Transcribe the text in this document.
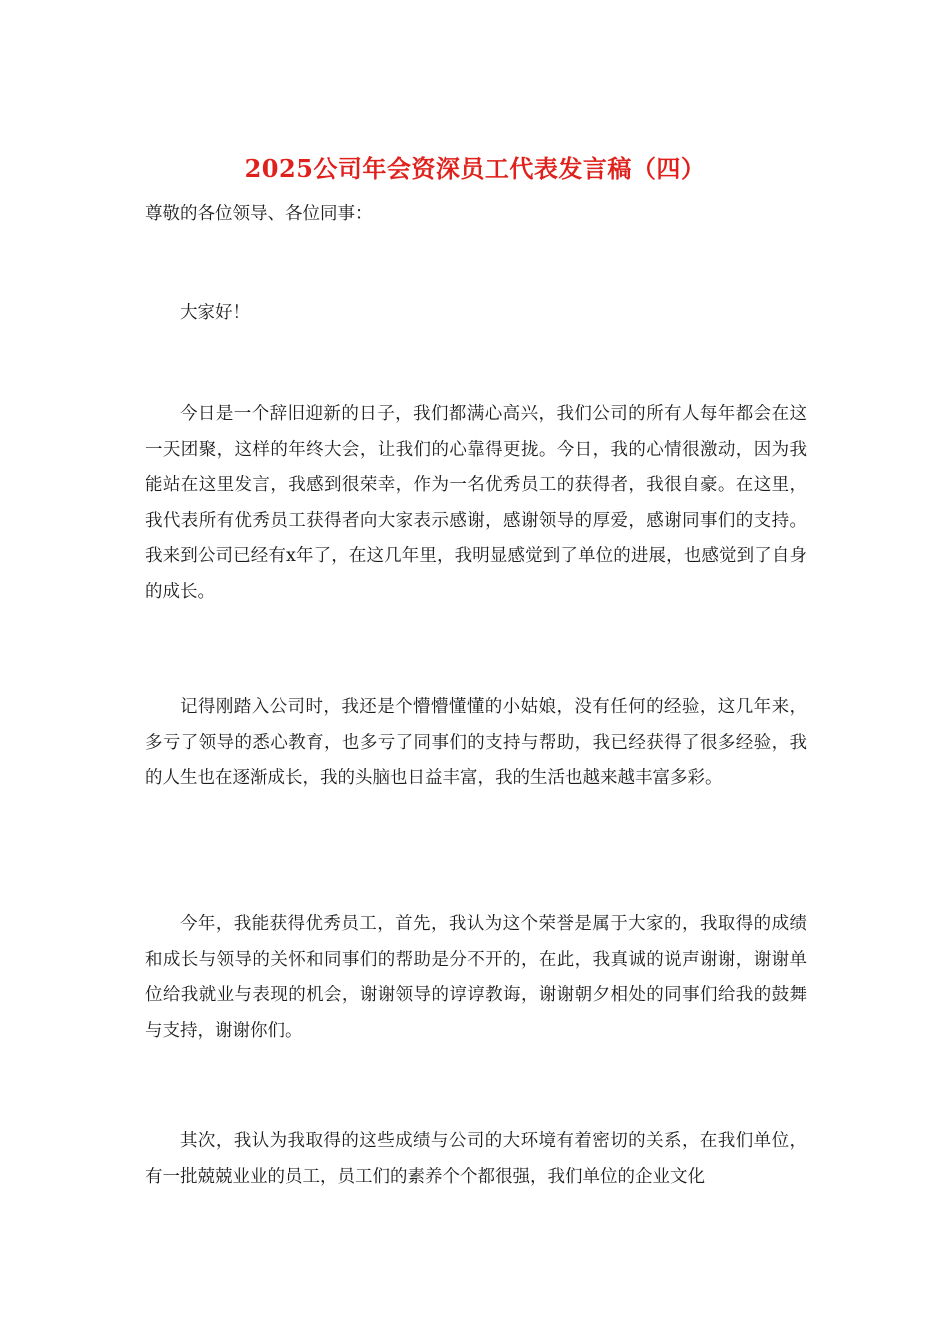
2025公司年会资深员工代表发言稿（四）
尊敬的各位领导、各位同事：

大家好！

今日是一个辞旧迎新的日子，我们都满心高兴，我们公司的所有人每年都会在这一天团聚，这样的年终大会，让我们的心靠得更拢。今日，我的心情很激动，因为我能站在这里发言，我感到很荣幸，作为一名优秀员工的获得者，我很自豪。在这里，我代表所有优秀员工获得者向大家表示感谢，感谢领导的厚爱，感谢同事们的支持。我来到公司已经有x年了，在这几年里，我明显感觉到了单位的进展，也感觉到了自身的成长。

记得刚踏入公司时，我还是个懵懵懂懂的小姑娘，没有任何的经验，这几年来，多亏了领导的悉心教育，也多亏了同事们的支持与帮助，我已经获得了很多经验，我的人生也在逐渐成长，我的头脑也日益丰富，我的生活也越来越丰富多彩。

今年，我能获得优秀员工，首先，我认为这个荣誉是属于大家的，我取得的成绩和成长与领导的关怀和同事们的帮助是分不开的，在此，我真诚的说声谢谢，谢谢单位给我就业与表现的机会，谢谢领导的谆谆教诲，谢谢朝夕相处的同事们给我的鼓舞与支持，谢谢你们。

其次，我认为我取得的这些成绩与公司的大环境有着密切的关系，在我们单位，有一批兢兢业业的员工，员工们的素养个个都很强，我们单位的企业文化
